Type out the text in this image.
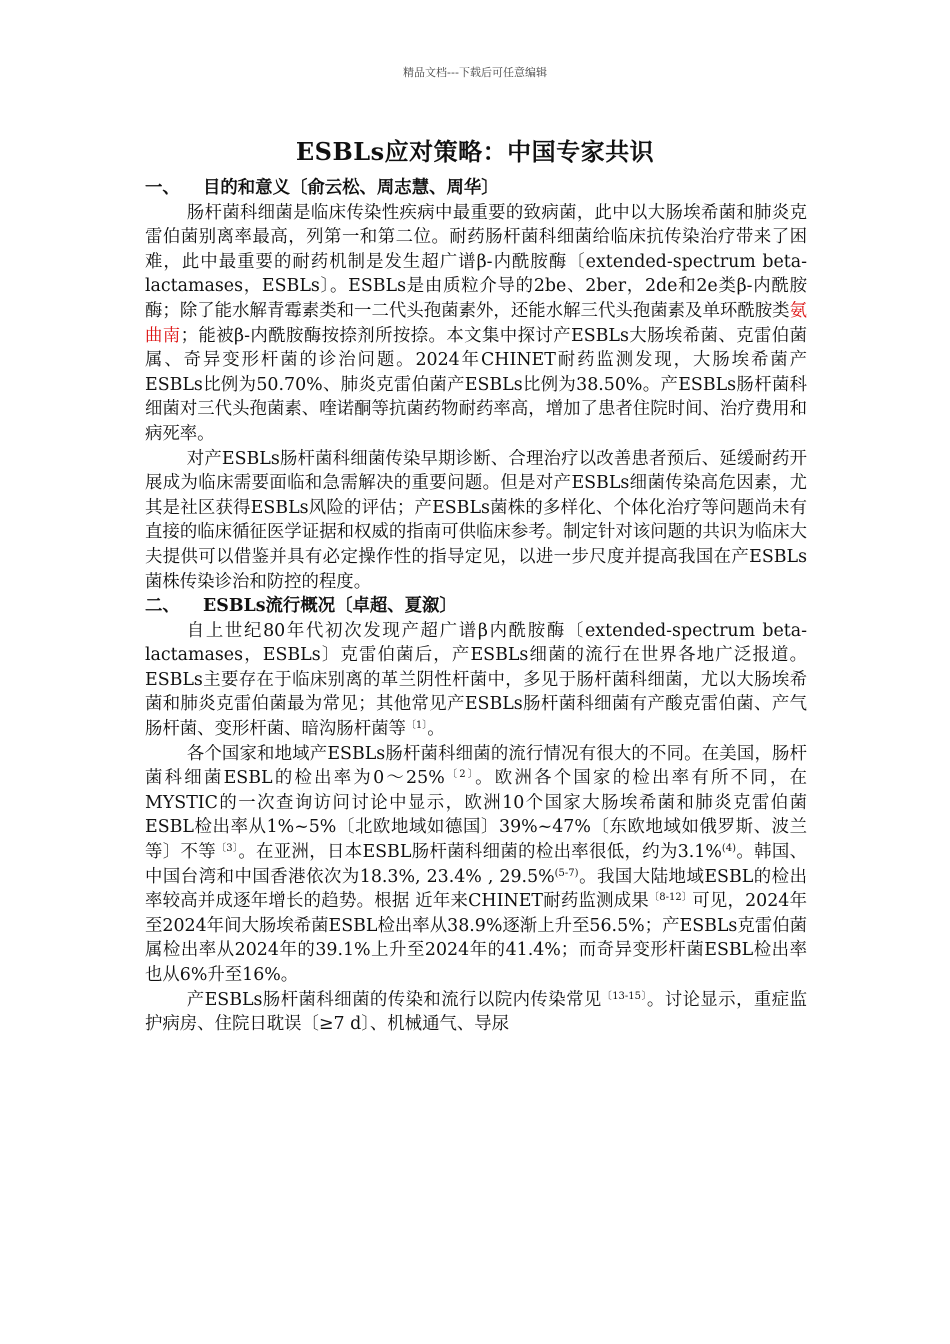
精品文档---下载后可任意编辑
ESBLs应对策略：中国专家共识
一、 目的和意义〔俞云松、周志慧、周华〕

肠杆菌科细菌是临床传染性疾病中最重要的致病菌，此中以大肠埃希菌和肺炎克雷伯菌别离率最高，列第一和第二位。耐药肠杆菌科细菌给临床抗传染治疗带来了困难，此中最重要的耐药机制是发生超广谱β-内酰胺酶〔extended-spectrum beta-lactamases，ESBLs〕。ESBLs是由质粒介导的2be、2ber，2de和2e类β-内酰胺酶；除了能水解青霉素类和一二代头孢菌素外，还能水解三代头孢菌素及单环酰胺类氨曲南；能被β-内酰胺酶按捺剂所按捺。本文集中探讨产ESBLs大肠埃希菌、克雷伯菌属、奇异变形杆菌的诊治问题。2024年CHINET耐药监测发现，大肠埃希菌产ESBLs比例为50.70%、肺炎克雷伯菌产ESBLs比例为38.50%。产ESBLs肠杆菌科细菌对三代头孢菌素、喹诺酮等抗菌药物耐药率高，增加了患者住院时间、治疗费用和病死率。

对产ESBLs肠杆菌科细菌传染早期诊断、合理治疗以改善患者预后、延缓耐药开展成为临床需要面临和急需解决的重要问题。但是对产ESBLs细菌传染高危因素，尤其是社区获得ESBLs风险的评估；产ESBLs菌株的多样化、个体化治疗等问题尚未有直接的临床循征医学证据和权威的指南可供临床参考。制定针对该问题的共识为临床大夫提供可以借鉴并具有必定操作性的指导定见，以进一步尺度并提高我国在产ESBLs菌株传染诊治和防控的程度。

二、 ESBLs流行概况〔卓超、夏溆〕

自上世纪80年代初次发现产超广谱β内酰胺酶〔extended-spectrum beta-lactamases，ESBLs〕克雷伯菌后，产ESBLs细菌的流行在世界各地广泛报道。 ESBLs主要存在于临床别离的革兰阴性杆菌中，多见于肠杆菌科细菌，尤以大肠埃希菌和肺炎克雷伯菌最为常见；其他常见产ESBLs肠杆菌科细菌有产酸克雷伯菌、产气肠杆菌、变形杆菌、暗沟肠杆菌等$^{〔1〕}$。

各个国家和地域产ESBLs肠杆菌科细菌的流行情况有很大的不同。在美国，肠杆菌科细菌ESBL的检出率为0～25%$^{〔2〕}$。欧洲各个国家的检出率有所不同，在MYSTIC的一次查询访问讨论中显示，欧洲10个国家大肠埃希菌和肺炎克雷伯菌ESBL检出率从1%~5%〔北欧地域如德国〕39%~47%〔东欧地域如俄罗斯、波兰等〕不等$^{〔3〕}$。在亚洲，日本ESBL肠杆菌科细菌的检出率很低，约为3.1%$^{(4)}$。韩国、中国台湾和中国香港依次为18.3%, 23.4% , 29.5%$^{(5-7)}$。我国大陆地域ESBL的检出率较高并成逐年增长的趋势。根据 近年来CHINET耐药监测成果$^{〔8-12〕}$可见，2024年至2024年间大肠埃希菌ESBL检出率从38.9%逐渐上升至56.5%；产ESBLs克雷伯菌属检出率从2024年的39.1%上升至2024年的41.4%；而奇异变形杆菌ESBL检出率也从6%升至16%。

产ESBLs肠杆菌科细菌的传染和流行以院内传染常见$^{〔13-15〕}$。讨论显示，重症监护病房、住院日耽误〔≥7 d〕、机械通气、导尿
